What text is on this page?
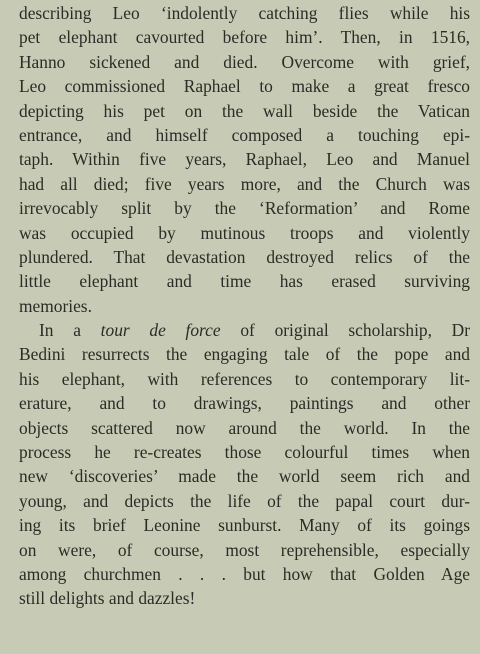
describing Leo ‘indolently catching flies while his
pet elephant cavourted before him’. Then, in 1516,
Hanno sickened and died. Overcome with grief,
Leo commissioned Raphael to make a great fresco
depicting his pet on the wall beside the Vatican
entrance, and himself composed a touching epi-
taph. Within five years, Raphael, Leo and Manuel
had all died; five years more, and the Church was
irrevocably split by the ‘Reformation’ and Rome
was occupied by mutinous troops and violently
plundered. That devastation destroyed relics of the
little elephant and time has erased surviving
memories.
In a tour de force of original scholarship, Dr
Bedini resurrects the engaging tale of the pope and
his elephant, with references to contemporary lit-
erature, and to drawings, paintings and other
objects scattered now around the world. In the
process he re-creates those colourful times when
new ‘discoveries’ made the world seem rich and
young, and depicts the life of the papal court dur-
ing its brief Leonine sunburst. Many of its goings
on were, of course, most reprehensible, especially
among churchmen . . . but how that Golden Age
still delights and dazzles!
